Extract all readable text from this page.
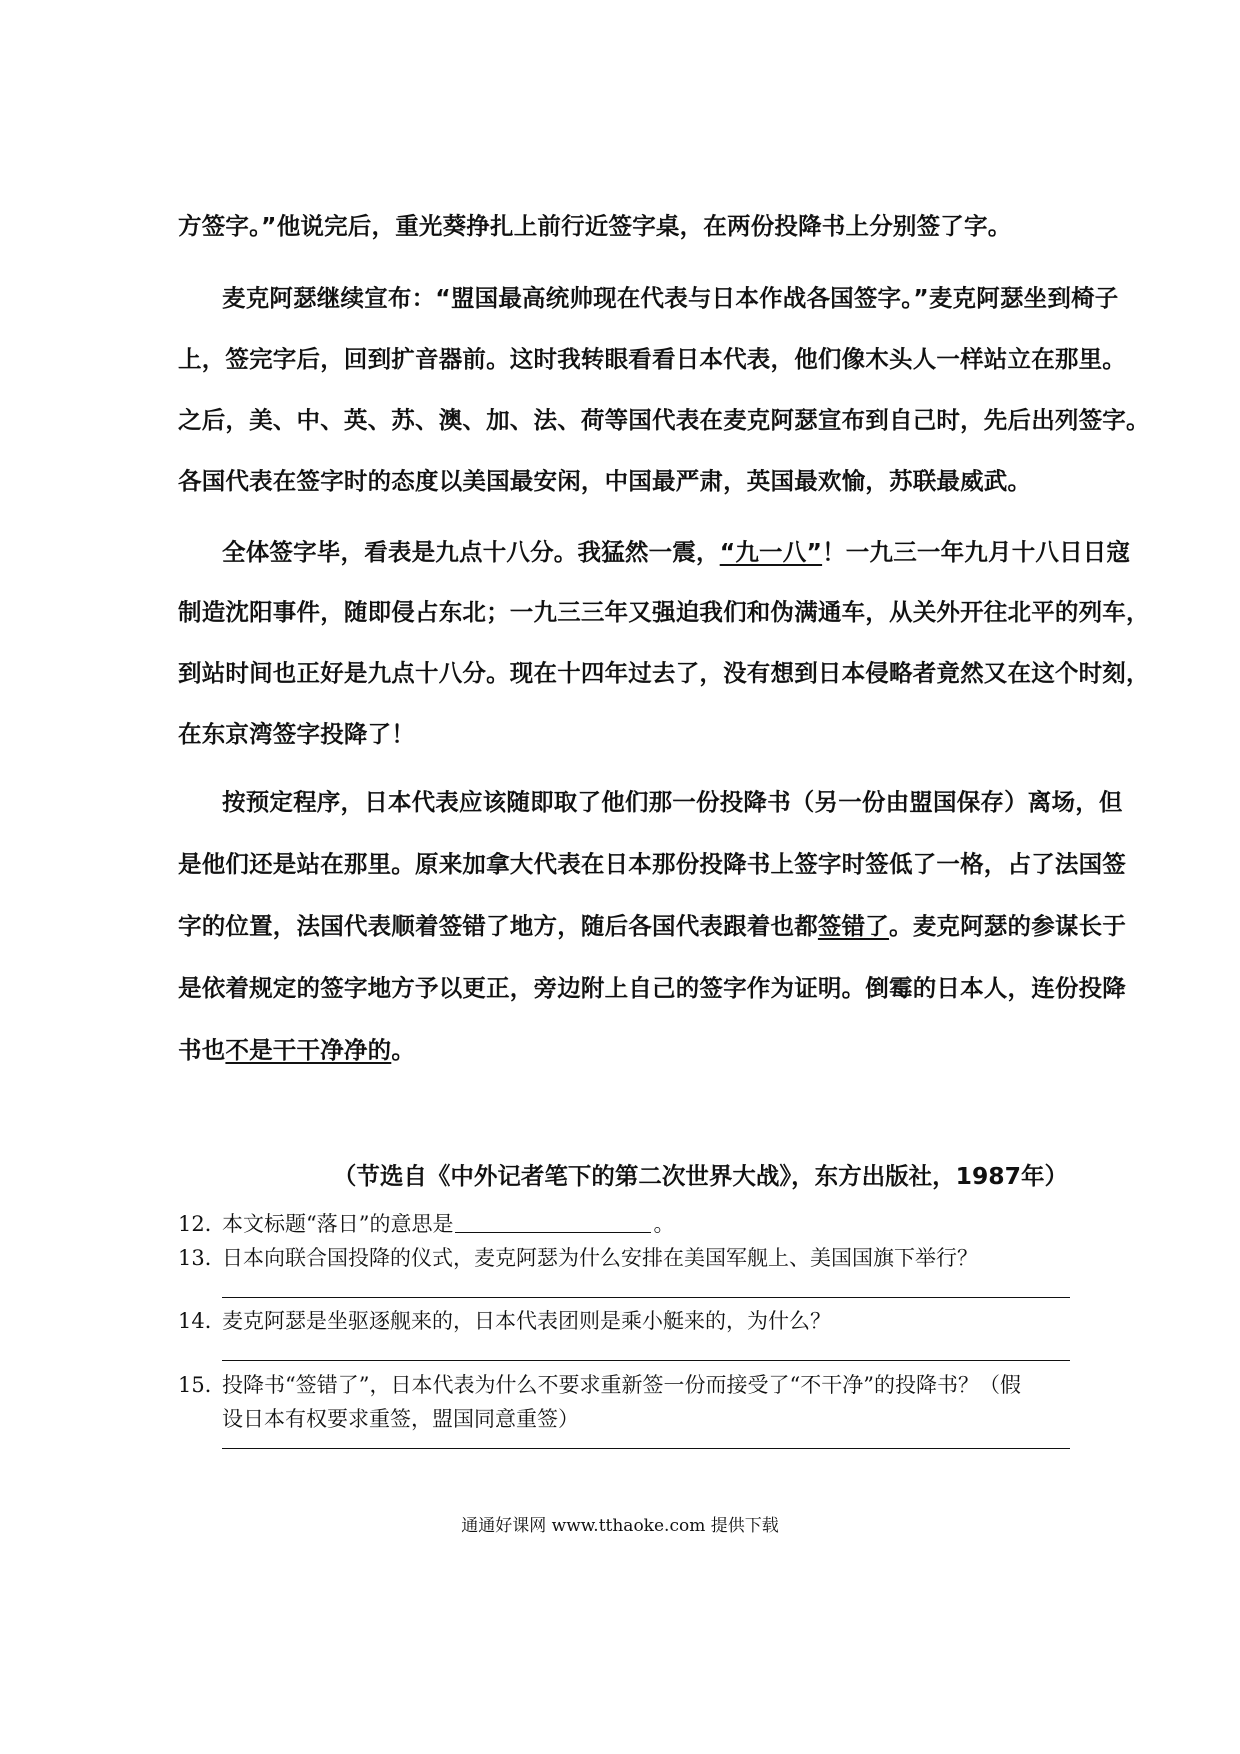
方签字。”他说完后，重光葵挣扎上前行近签字桌，在两份投降书上分别签了字。
麦克阿瑟继续宣布：“盟国最高统帅现在代表与日本作战各国签字。”麦克阿瑟坐到椅子
上，签完字后，回到扩音器前。这时我转眼看看日本代表，他们像木头人一样站立在那里。
之后，美、中、英、苏、澳、加、法、荷等国代表在麦克阿瑟宣布到自己时，先后出列签字。
各国代表在签字时的态度以美国最安闲，中国最严肃，英国最欢愉，苏联最威武。
全体签字毕，看表是九点十八分。我猛然一震，“九一八”！一九三一年九月十八日日寇
制造沈阳事件，随即侵占东北；一九三三年又强迫我们和伪满通车，从关外开往北平的列车，
到站时间也正好是九点十八分。现在十四年过去了，没有想到日本侵略者竟然又在这个时刻，
在东京湾签字投降了！
按预定程序，日本代表应该随即取了他们那一份投降书（另一份由盟国保存）离场，但
是他们还是站在那里。原来加拿大代表在日本那份投降书上签字时签低了一格，占了法国签
字的位置，法国代表顺着签错了地方，随后各国代表跟着也都签错了。麦克阿瑟的参谋长于
是依着规定的签字地方予以更正，旁边附上自己的签字作为证明。倒霉的日本人，连份投降
书也不是干干净净的。
（节选自《中外记者笔下的第二次世界大战》，东方出版社，1987年）
12．本文标题“落日”的意思是	。
13．日本向联合国投降的仪式，麦克阿瑟为什么安排在美国军舰上、美国国旗下举行？
14．麦克阿瑟是坐驱逐舰来的，日本代表团则是乘小艇来的，为什么？
15．投降书“签错了”，日本代表为什么不要求重新签一份而接受了“不干净”的投降书？（假
设日本有权要求重签，盟国同意重签）
通通好课网 www.tthaoke.com 提供下载
